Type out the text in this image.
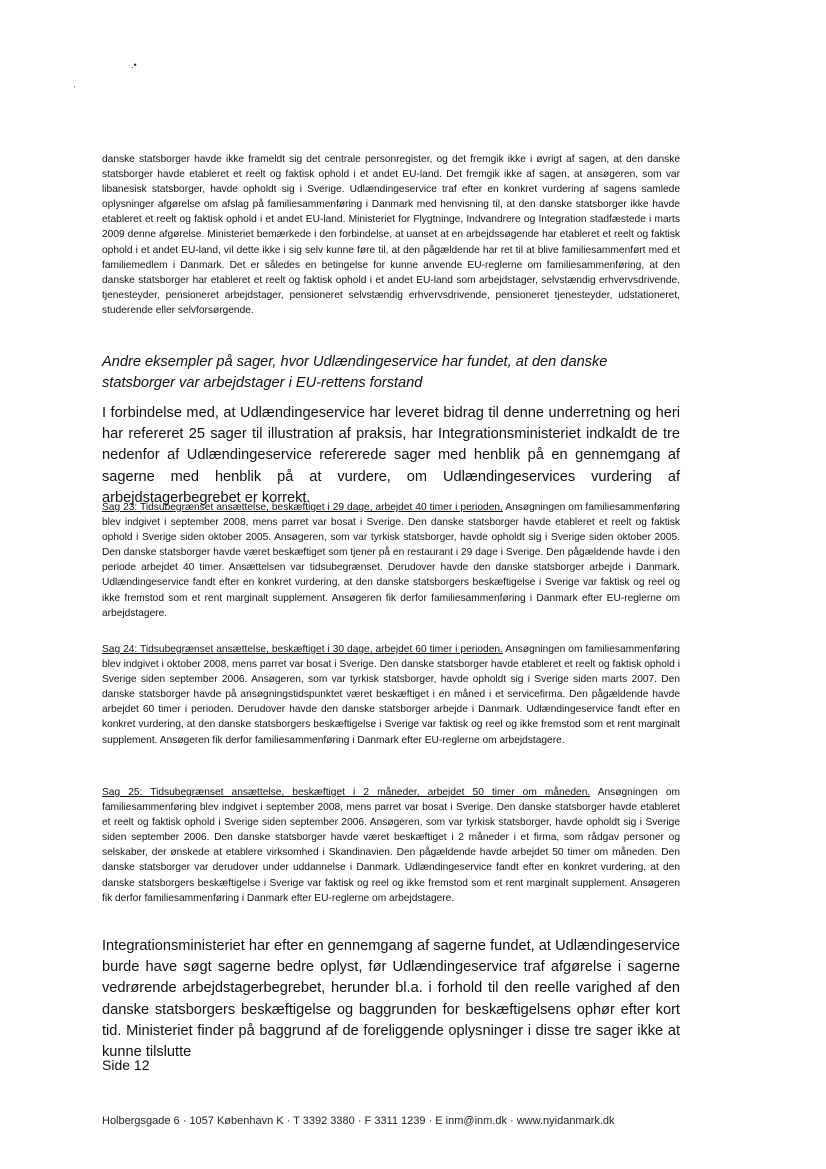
.•
'
danske statsborger havde ikke frameldt sig det centrale personregister, og det fremgik ikke i øvrigt af sagen, at den danske statsborger havde etableret et reelt og faktisk ophold i et andet EU-land. Det fremgik ikke af sagen, at ansøgeren, som var libanesisk statsborger, havde opholdt sig i Sverige. Udlændingeservice traf efter en konkret vurdering af sagens samlede oplysninger afgørelse om afslag på familiesammenføring i Danmark med henvisning til, at den danske statsborger ikke havde etableret et reelt og faktisk ophold i et andet EU-land. Ministeriet for Flygtninge, Indvandrere og Integration stadfæstede i marts 2009 denne afgørelse. Ministeriet bemærkede i den forbindelse, at uanset at en arbejdssøgende har etableret et reelt og faktisk ophold i et andet EU-land, vil dette ikke i sig selv kunne føre til, at den pågældende har ret til at blive familiesammenført med et familiemedlem i Danmark. Det er således en betingelse for kunne anvende EU-reglerne om familiesammenføring, at den danske statsborger har etableret et reelt og faktisk ophold i et andet EU-land som arbejdstager, selvstændig erhvervsdrivende, tjenesteyder, pensioneret arbejdstager, pensioneret selvstændig erhvervsdrivende, pensioneret tjenesteyder, udstationeret, studerende eller selvforsørgende.
Andre eksempler på sager, hvor Udlændingeservice har fundet, at den danske statsborger var arbejdstager i EU-rettens forstand
I forbindelse med, at Udlændingeservice har leveret bidrag til denne underretning og heri har refereret 25 sager til illustration af praksis, har Integrationsministeriet indkaldt de tre nedenfor af Udlændingeservice refererede sager med henblik på en gennemgang af sagerne med henblik på at vurdere, om Udlændingeservices vurdering af arbejdstagerbegrebet er korrekt.
Sag 23: Tidsubegrænset ansættelse, beskæftiget i 29 dage, arbejdet 40 timer i perioden. Ansøgningen om familiesammenføring blev indgivet i september 2008, mens parret var bosat i Sverige. Den danske statsborger havde etableret et reelt og faktisk ophold i Sverige siden oktober 2005. Ansøgeren, som var tyrkisk statsborger, havde opholdt sig i Sverige siden oktober 2005. Den danske statsborger havde været beskæftiget som tjener på en restaurant i 29 dage i Sverige. Den pågældende havde i den periode arbejdet 40 timer. Ansættelsen var tidsubegrænset. Derudover havde den danske statsborger arbejde i Danmark. Udlændingeservice fandt efter en konkret vurdering, at den danske statsborgers beskæftigelse i Sverige var faktisk og reel og ikke fremstod som et rent marginalt supplement. Ansøgeren fik derfor familiesammenføring i Danmark efter EU-reglerne om arbejdstagere.
Sag 24: Tidsubegrænset ansættelse, beskæftiget i 30 dage, arbejdet 60 timer i perioden. Ansøgningen om familiesammenføring blev indgivet i oktober 2008, mens parret var bosat i Sverige. Den danske statsborger havde etableret et reelt og faktisk ophold i Sverige siden september 2006. Ansøgeren, som var tyrkisk statsborger, havde opholdt sig i Sverige siden marts 2007. Den danske statsborger havde på ansøgningstidspunktet været beskæftiget i en måned i et servicefirma. Den pågældende havde arbejdet 60 timer i perioden. Derudover havde den danske statsborger arbejde i Danmark. Udlændingeservice fandt efter en konkret vurdering, at den danske statsborgers beskæftigelse i Sverige var faktisk og reel og ikke fremstod som et rent marginalt supplement. Ansøgeren fik derfor familiesammenføring i Danmark efter EU-reglerne om arbejdstagere.
Sag 25: Tidsubegrænset ansættelse, beskæftiget i 2 måneder, arbejdet 50 timer om måneden. Ansøgningen om familiesammenføring blev indgivet i september 2008, mens parret var bosat i Sverige. Den danske statsborger havde etableret et reelt og faktisk ophold i Sverige siden september 2006. Ansøgeren, som var tyrkisk statsborger, havde opholdt sig i Sverige siden september 2006. Den danske statsborger havde været beskæftiget i 2 måneder i et firma, som rådgav personer og selskaber, der ønskede at etablere virksomhed i Skandinavien. Den pågældende havde arbejdet 50 timer om måneden. Den danske statsborger var derudover under uddannelse i Danmark. Udlændingeservice fandt efter en konkret vurdering, at den danske statsborgers beskæftigelse i Sverige var faktisk og reel og ikke fremstod som et rent marginalt supplement. Ansøgeren fik derfor familiesammenføring i Danmark efter EU-reglerne om arbejdstagere.
Integrationsministeriet har efter en gennemgang af sagerne fundet, at Udlændingeservice burde have søgt sagerne bedre oplyst, før Udlændingeservice traf afgørelse i sagerne vedrørende arbejdstagerbegrebet, herunder bl.a. i forhold til den reelle varighed af den danske statsborgers beskæftigelse og baggrunden for beskæftigelsens ophør efter kort tid. Ministeriet finder på baggrund af de foreliggende oplysninger i disse tre sager ikke at kunne tilslutte
Side 12
Holbergsgade 6 · 1057 København K · T 3392 3380 · F 3311 1239 · E inm@inm.dk · www.nyidanmark.dk
